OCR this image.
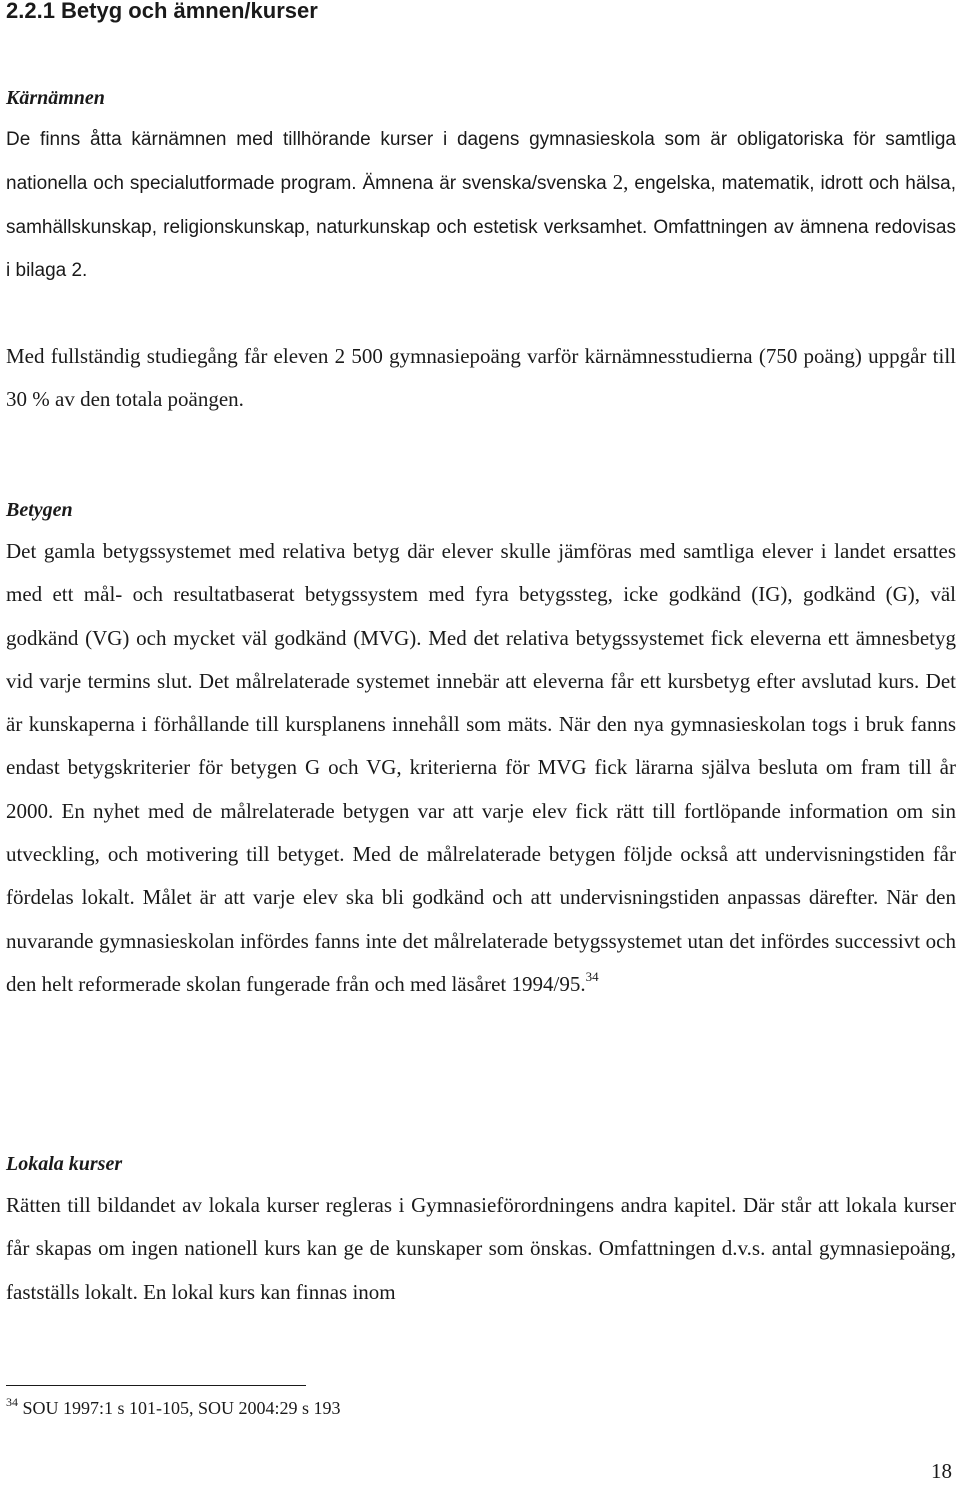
2.2.1 Betyg och ämnen/kurser
Kärnämnen

De finns åtta kärnämnen med tillhörande kurser i dagens gymnasieskola som är obligatoriska för samtliga nationella och specialutformade program. Ämnena är svenska/svenska 2, engelska, matematik, idrott och hälsa, samhällskunskap, religionskunskap, naturkunskap och estetisk verksamhet. Omfattningen av ämnena redovisas i bilaga 2.

Med fullständig studiegång får eleven 2 500 gymnasiepoäng varför kärnämnesstudierna (750 poäng) uppgår till 30 % av den totala poängen.

Betygen

Det gamla betygssystemet med relativa betyg där elever skulle jämföras med samtliga elever i landet ersattes med ett mål- och resultatbaserat betygssystem med fyra betygssteg, icke godkänd (IG), godkänd (G), väl godkänd (VG) och mycket väl godkänd (MVG). Med det relativa betygssystemet fick eleverna ett ämnesbetyg vid varje termins slut. Det målrelaterade systemet innebär att eleverna får ett kursbetyg efter avslutad kurs. Det är kunskaperna i förhållande till kursplanens innehåll som mäts. När den nya gymnasieskolan togs i bruk fanns endast betygskriterier för betygen G och VG, kriterierna för MVG fick lärarna själva besluta om fram till år 2000. En nyhet med de målrelaterade betygen var att varje elev fick rätt till fortlöpande information om sin utveckling, och motivering till betyget. Med de målrelaterade betygen följde också att undervisningstiden får fördelas lokalt. Målet är att varje elev ska bli godkänd och att undervisningstiden anpassas därefter. När den nuvarande gymnasieskolan infördes fanns inte det målrelaterade betygssystemet utan det infördes successivt och den helt reformerade skolan fungerade från och med läsåret 1994/95.34

Lokala kurser

Rätten till bildandet av lokala kurser regleras i Gymnasieförordningens andra kapitel. Där står att lokala kurser får skapas om ingen nationell kurs kan ge de kunskaper som önskas. Omfattningen d.v.s. antal gymnasiepoäng, fastställs lokalt. En lokal kurs kan finnas inom

$^{34}$ SOU 1997:1 s 101-105, SOU 2004:29 s 193
18
